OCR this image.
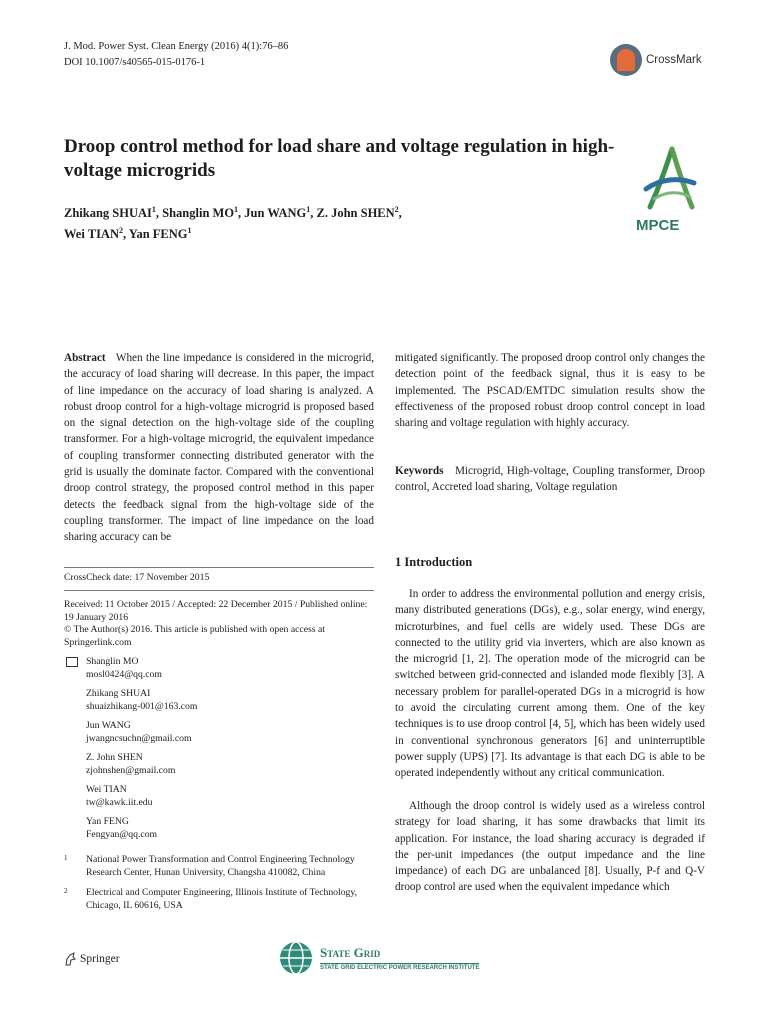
J. Mod. Power Syst. Clean Energy (2016) 4(1):76–86
DOI 10.1007/s40565-015-0176-1	CrossMark
Droop control method for load share and voltage regulation in high-voltage microgrids
Zhikang SHUAI$^1$, Shanglin $MO^1$, Jun WANG$^1$, Z. John SHEN$^2$,
Wei TIAN$^2$, Yan FENG$^1$	MPCE
Abstract When the line impedance is considered in the microgrid, the accuracy of load sharing will decrease. In this paper, the impact of line impedance on the accuracy of load sharing is analyzed. A robust droop control for a high-voltage microgrid is proposed based on the signal detection on the high-voltage side of the coupling transformer. For a high-voltage microgrid, the equivalent impedance of coupling transformer connecting distributed generator with the grid is usually the dominate factor. Compared with the conventional droop control strategy, the proposed control method in this paper detects the feedback signal from the high-voltage side of the coupling transformer. The impact of line impedance on the load sharing accuracy can be
mitigated significantly. The proposed droop control only changes the detection point of the feedback signal, thus it is easy to be implemented. The PSCAD/EMTDC simulation results show the effectiveness of the proposed robust droop control concept in load sharing and voltage regulation with highly accuracy.
Keywords Microgrid, High-voltage, Coupling transformer, Droop control, Accreted load sharing, Voltage regulation
CrossCheck date: 17 November 2015
Received: 11 October 2015 / Accepted: 22 December 2015 / Published online: 19 January 2016
© The Author(s) 2016. This article is published with open access at Springerlink.com
Shanglin MO
mosl0424@qq.com
Zhikang SHUAI
shuaizhikang-001@163.com
Jun WANG
jwangncsuchn@gmail.com
Z. John SHEN
zjohnshen@gmail.com
Wei TIAN
tw@kawk.iit.edu
Yan FENG
Fengyan@qq.com
1 National Power Transformation and Control Engineering Technology Research Center, Hunan University, Changsha 410082, China
2 Electrical and Computer Engineering, Illinois Institute of Technology, Chicago, IL 60616, USA
1 Introduction
In order to address the environmental pollution and energy crisis, many distributed generations (DGs), e.g., solar energy, wind energy, microturbines, and fuel cells are widely used. These DGs are connected to the utility grid via inverters, which are also known as the microgrid [1, 2]. The operation mode of the microgrid can be switched between grid-connected and islanded mode flexibly [3]. A necessary problem for parallel-operated DGs in a microgrid is how to avoid the circulating current among them. One of the key techniques is to use droop control [4, 5], which has been widely used in conventional synchronous generators [6] and uninterruptible power supply (UPS) [7]. Its advantage is that each DG is able to be operated independently without any critical communication.
Although the droop control is widely used as a wireless control strategy for load sharing, it has some drawbacks that limit its application. For instance, the load sharing accuracy is degraded if the per-unit impedances (the output impedance and the line impedance) of each DG are unbalanced [8]. Usually, P-f and Q-V droop control are used when the equivalent impedance which
Springer	State Grid
STATE GRID ELECTRIC POWER RESEARCH INSTITUTE
